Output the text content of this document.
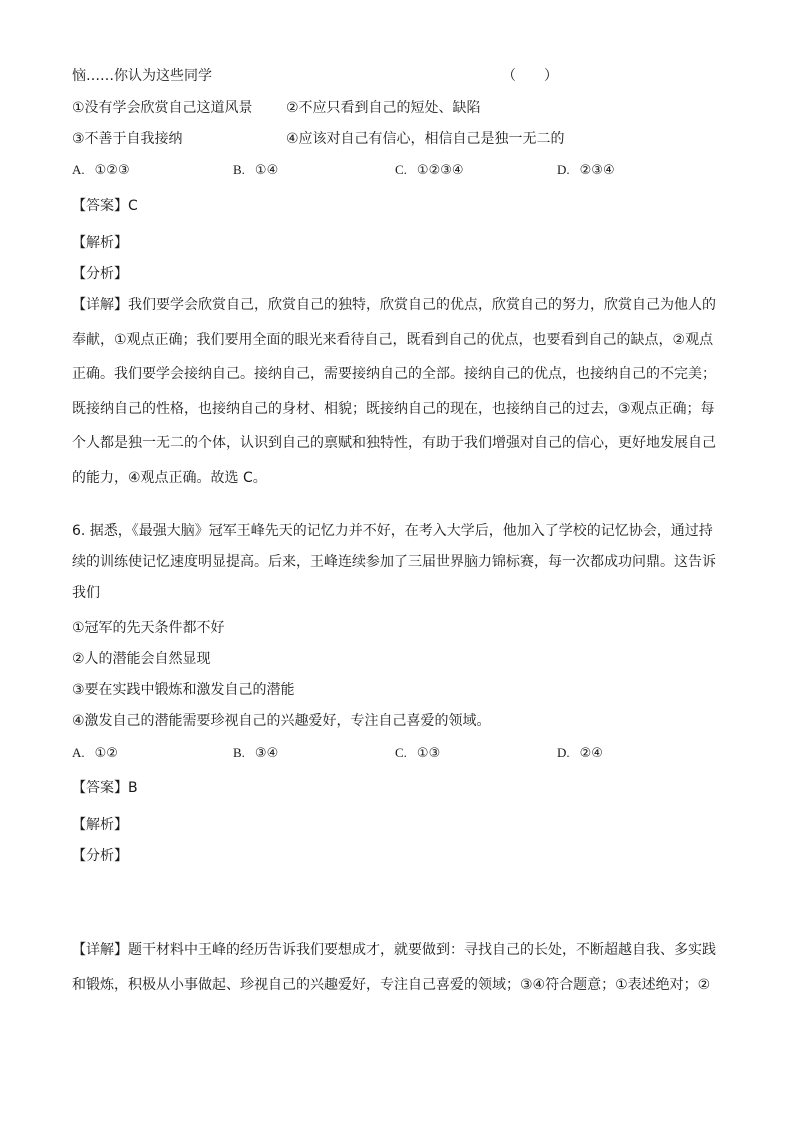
恼……你认为这些同学	（　　）
①没有学会欣赏自己这道风景 ②不应只看到自己的短处、缺陷
③不善于自我接纳	④应该对自己有信心，相信自己是独一无二的
A. ①②③	B. ①④	C. ①②③④	D. ②③④
【答案】C
【解析】
【分析】

【详解】我们要学会欣赏自己，欣赏自己的独特，欣赏自己的优点，欣赏自己的努力，欣赏自己为他人的

奉献，①观点正确；我们要用全面的眼光来看待自己，既看到自己的优点，也要看到自己的缺点，②观点

正确。我们要学会接纳自己。接纳自己，需要接纳自己的全部。接纳自己的优点，也接纳自己的不完美；

既接纳自己的性格，也接纳自己的身材、相貌；既接纳自己的现在，也接纳自己的过去，③观点正确；每

个人都是独一无二的个体，认识到自己的禀赋和独特性，有助于我们增强对自己的信心，更好地发展自己

的能力，④观点正确。故选 C。

6. 据悉，《最强大脑》冠军王峰先天的记忆力并不好，在考入大学后，他加入了学校的记忆协会，通过持

续的训练使记忆速度明显提高。后来，王峰连续参加了三届世界脑力锦标赛，每一次都成功问鼎。这告诉

我们

①冠军的先天条件都不好
②人的潜能会自然显现
③要在实践中锻炼和激发自己的潜能
④激发自己的潜能需要珍视自己的兴趣爱好，专注自己喜爱的领域。
A. ①②	B. ③④	C. ①③	D. ②④
【答案】B
【解析】
【分析】

【详解】题干材料中王峰的经历告诉我们要想成才，就要做到：寻找自己的长处，不断超越自我、多实践

和锻炼，积极从小事做起、珍视自己的兴趣爱好，专注自己喜爱的领域；③④符合题意；①表述绝对；②
